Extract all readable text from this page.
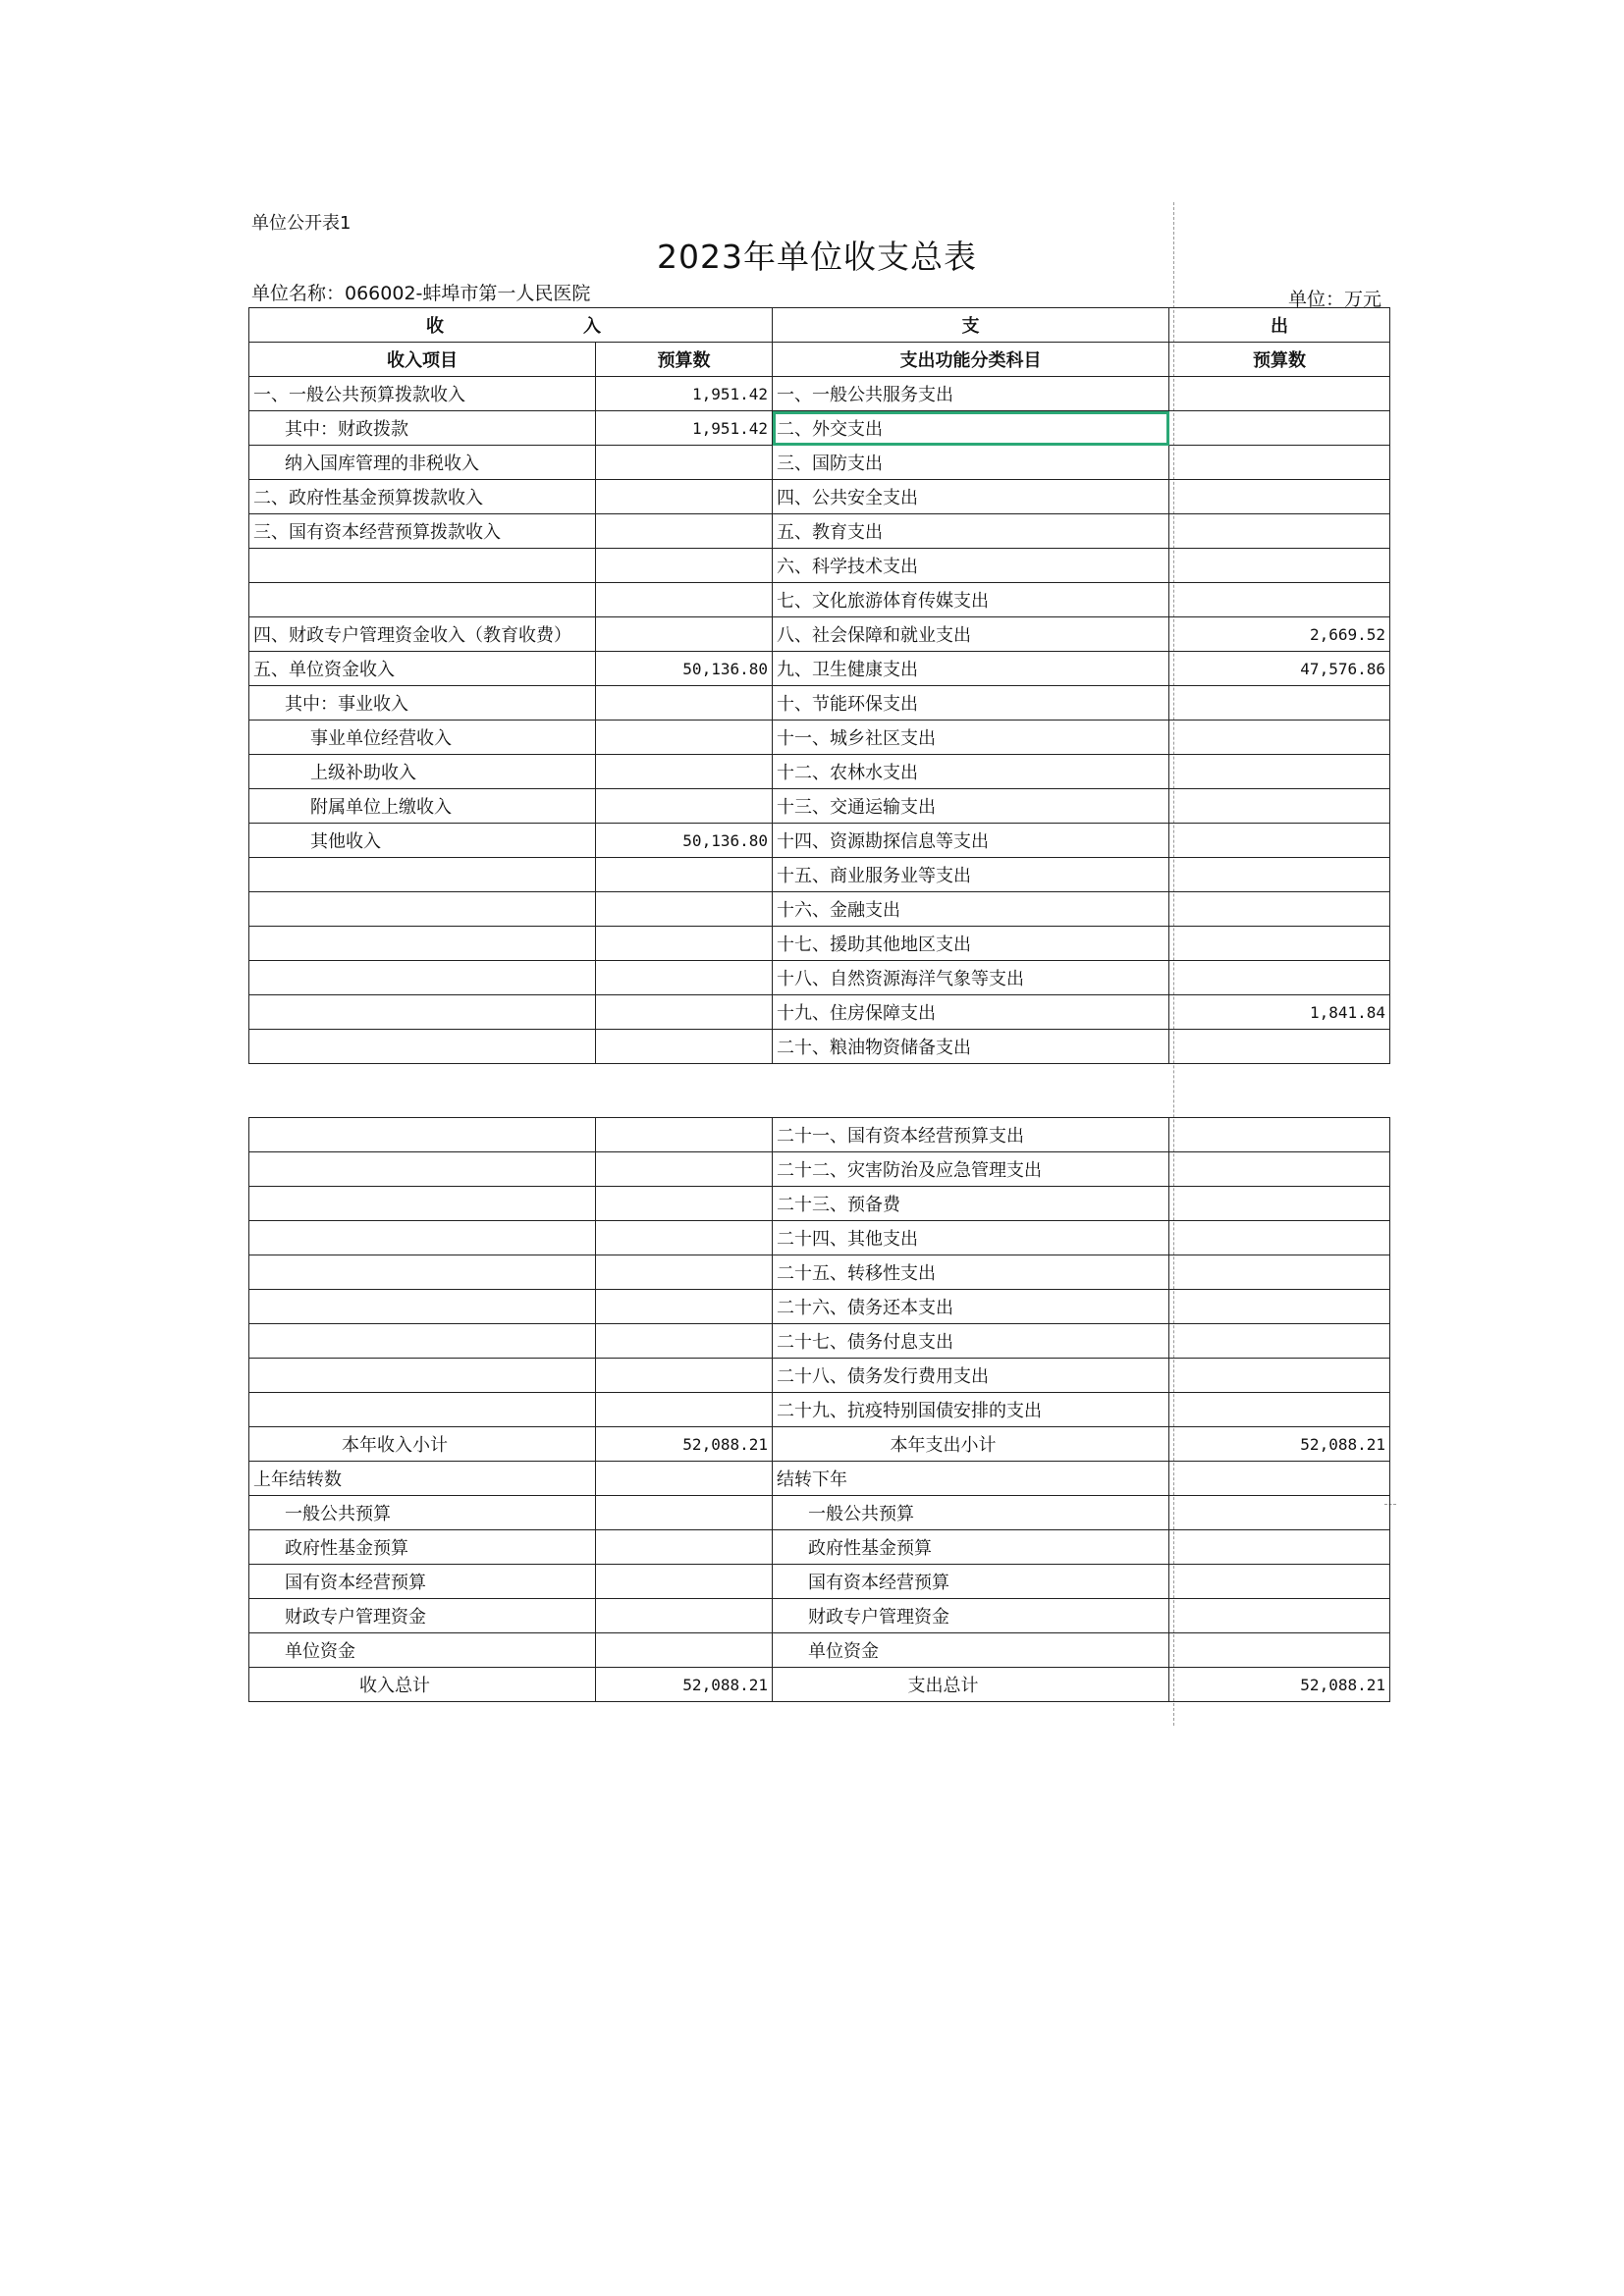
单位公开表1
2023年单位收支总表
单位名称：066002-蚌埠市第一人民医院	单位：万元
收 入		支	出
收入项目	预算数	支出功能分类科目	预算数
一、一般公共预算拨款收入	1,951.42	一、一般公共服务支出	
其中：财政拨款	1,951.42	二、外交支出	
纳入国库管理的非税收入		三、国防支出	
二、政府性基金预算拨款收入		四、公共安全支出	
三、国有资本经营预算拨款收入		五、教育支出	
		六、科学技术支出	
		七、文化旅游体育传媒支出	
四、财政专户管理资金收入（教育收费）		八、社会保障和就业支出	2,669.52
五、单位资金收入	50,136.80	九、卫生健康支出	47,576.86
其中：事业收入		十、节能环保支出	
事业单位经营收入		十一、城乡社区支出	
上级补助收入		十二、农林水支出	
附属单位上缴收入		十三、交通运输支出	
其他收入	50,136.80	十四、资源勘探信息等支出	
		十五、商业服务业等支出	
		十六、金融支出	
		十七、援助其他地区支出	
		十八、自然资源海洋气象等支出	
		十九、住房保障支出	1,841.84
		二十、粮油物资储备支出	
		二十一、国有资本经营预算支出	
		二十二、灾害防治及应急管理支出	
		二十三、预备费	
		二十四、其他支出	
		二十五、转移性支出	
		二十六、债务还本支出	
		二十七、债务付息支出	
		二十八、债务发行费用支出	
		二十九、抗疫特别国债安排的支出	
本年收入小计	52,088.21	本年支出小计	52,088.21
上年结转数		结转下年	
一般公共预算		一般公共预算	
政府性基金预算		政府性基金预算	
国有资本经营预算		国有资本经营预算	
财政专户管理资金		财政专户管理资金	
单位资金		单位资金	
收入总计	52,088.21	支出总计	52,088.21
